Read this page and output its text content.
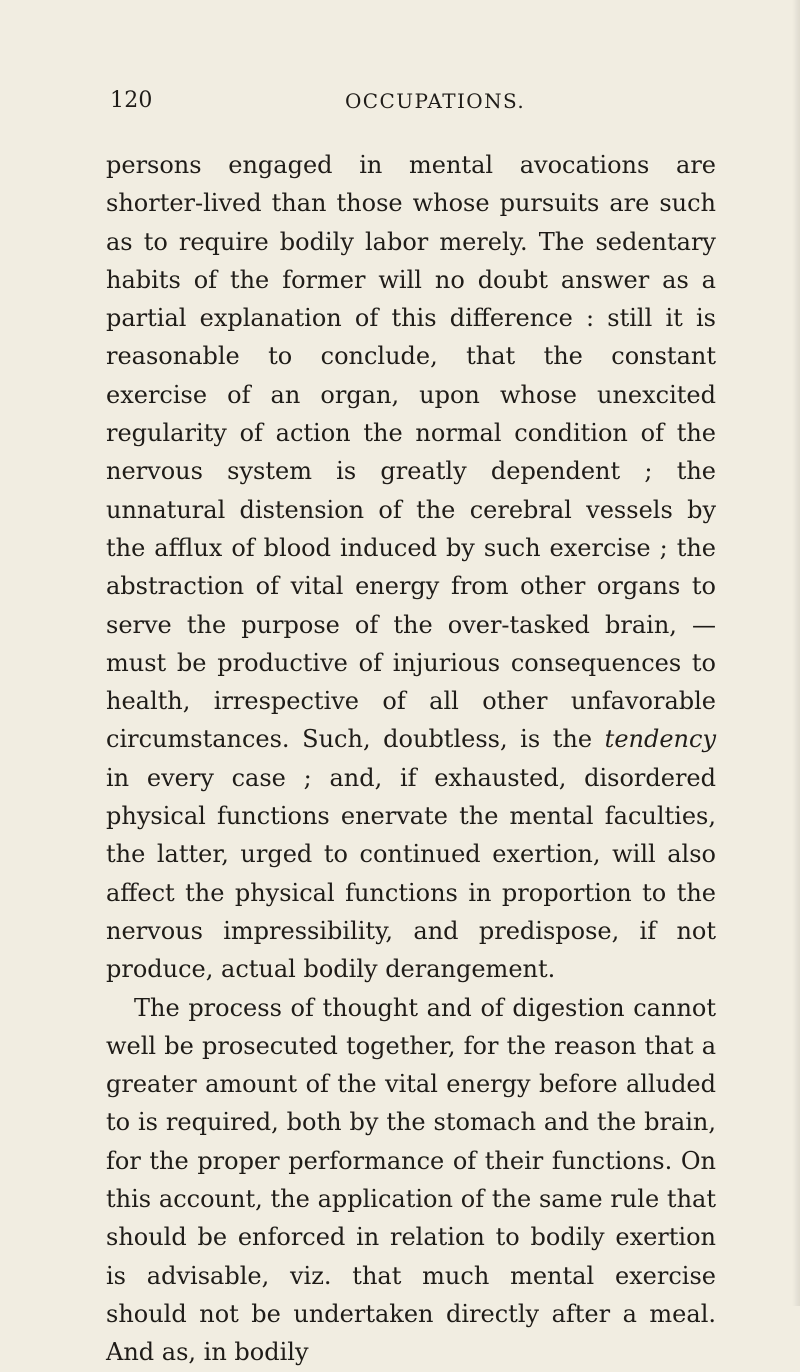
120	OCCUPATIONS.

persons engaged in mental avocations are shorter-lived than those whose pursuits are such as to require bodily labor merely. The sedentary habits of the former will no doubt answer as a partial explanation of this difference : still it is reasonable to conclude, that the constant exercise of an organ, upon whose unexcited regularity of action the normal condition of the nervous system is greatly dependent ; the unnatural distension of the cerebral vessels by the afflux of blood induced by such exercise ; the abstraction of vital energy from other organs to serve the purpose of the over-tasked brain, — must be productive of injurious consequences to health, irrespective of all other unfavorable circumstances. Such, doubtless, is the tendency in every case ; and, if exhausted, disordered physical functions enervate the mental faculties, the latter, urged to continued exertion, will also affect the physical functions in proportion to the nervous impressibility, and predispose, if not produce, actual bodily derangement.

The process of thought and of digestion cannot well be prosecuted together, for the reason that a greater amount of the vital energy before alluded to is required, both by the stomach and the brain, for the proper performance of their functions. On this account, the application of the same rule that should be enforced in relation to bodily exertion is advisable, viz. that much mental exercise should not be undertaken directly after a meal. And as, in bodily
